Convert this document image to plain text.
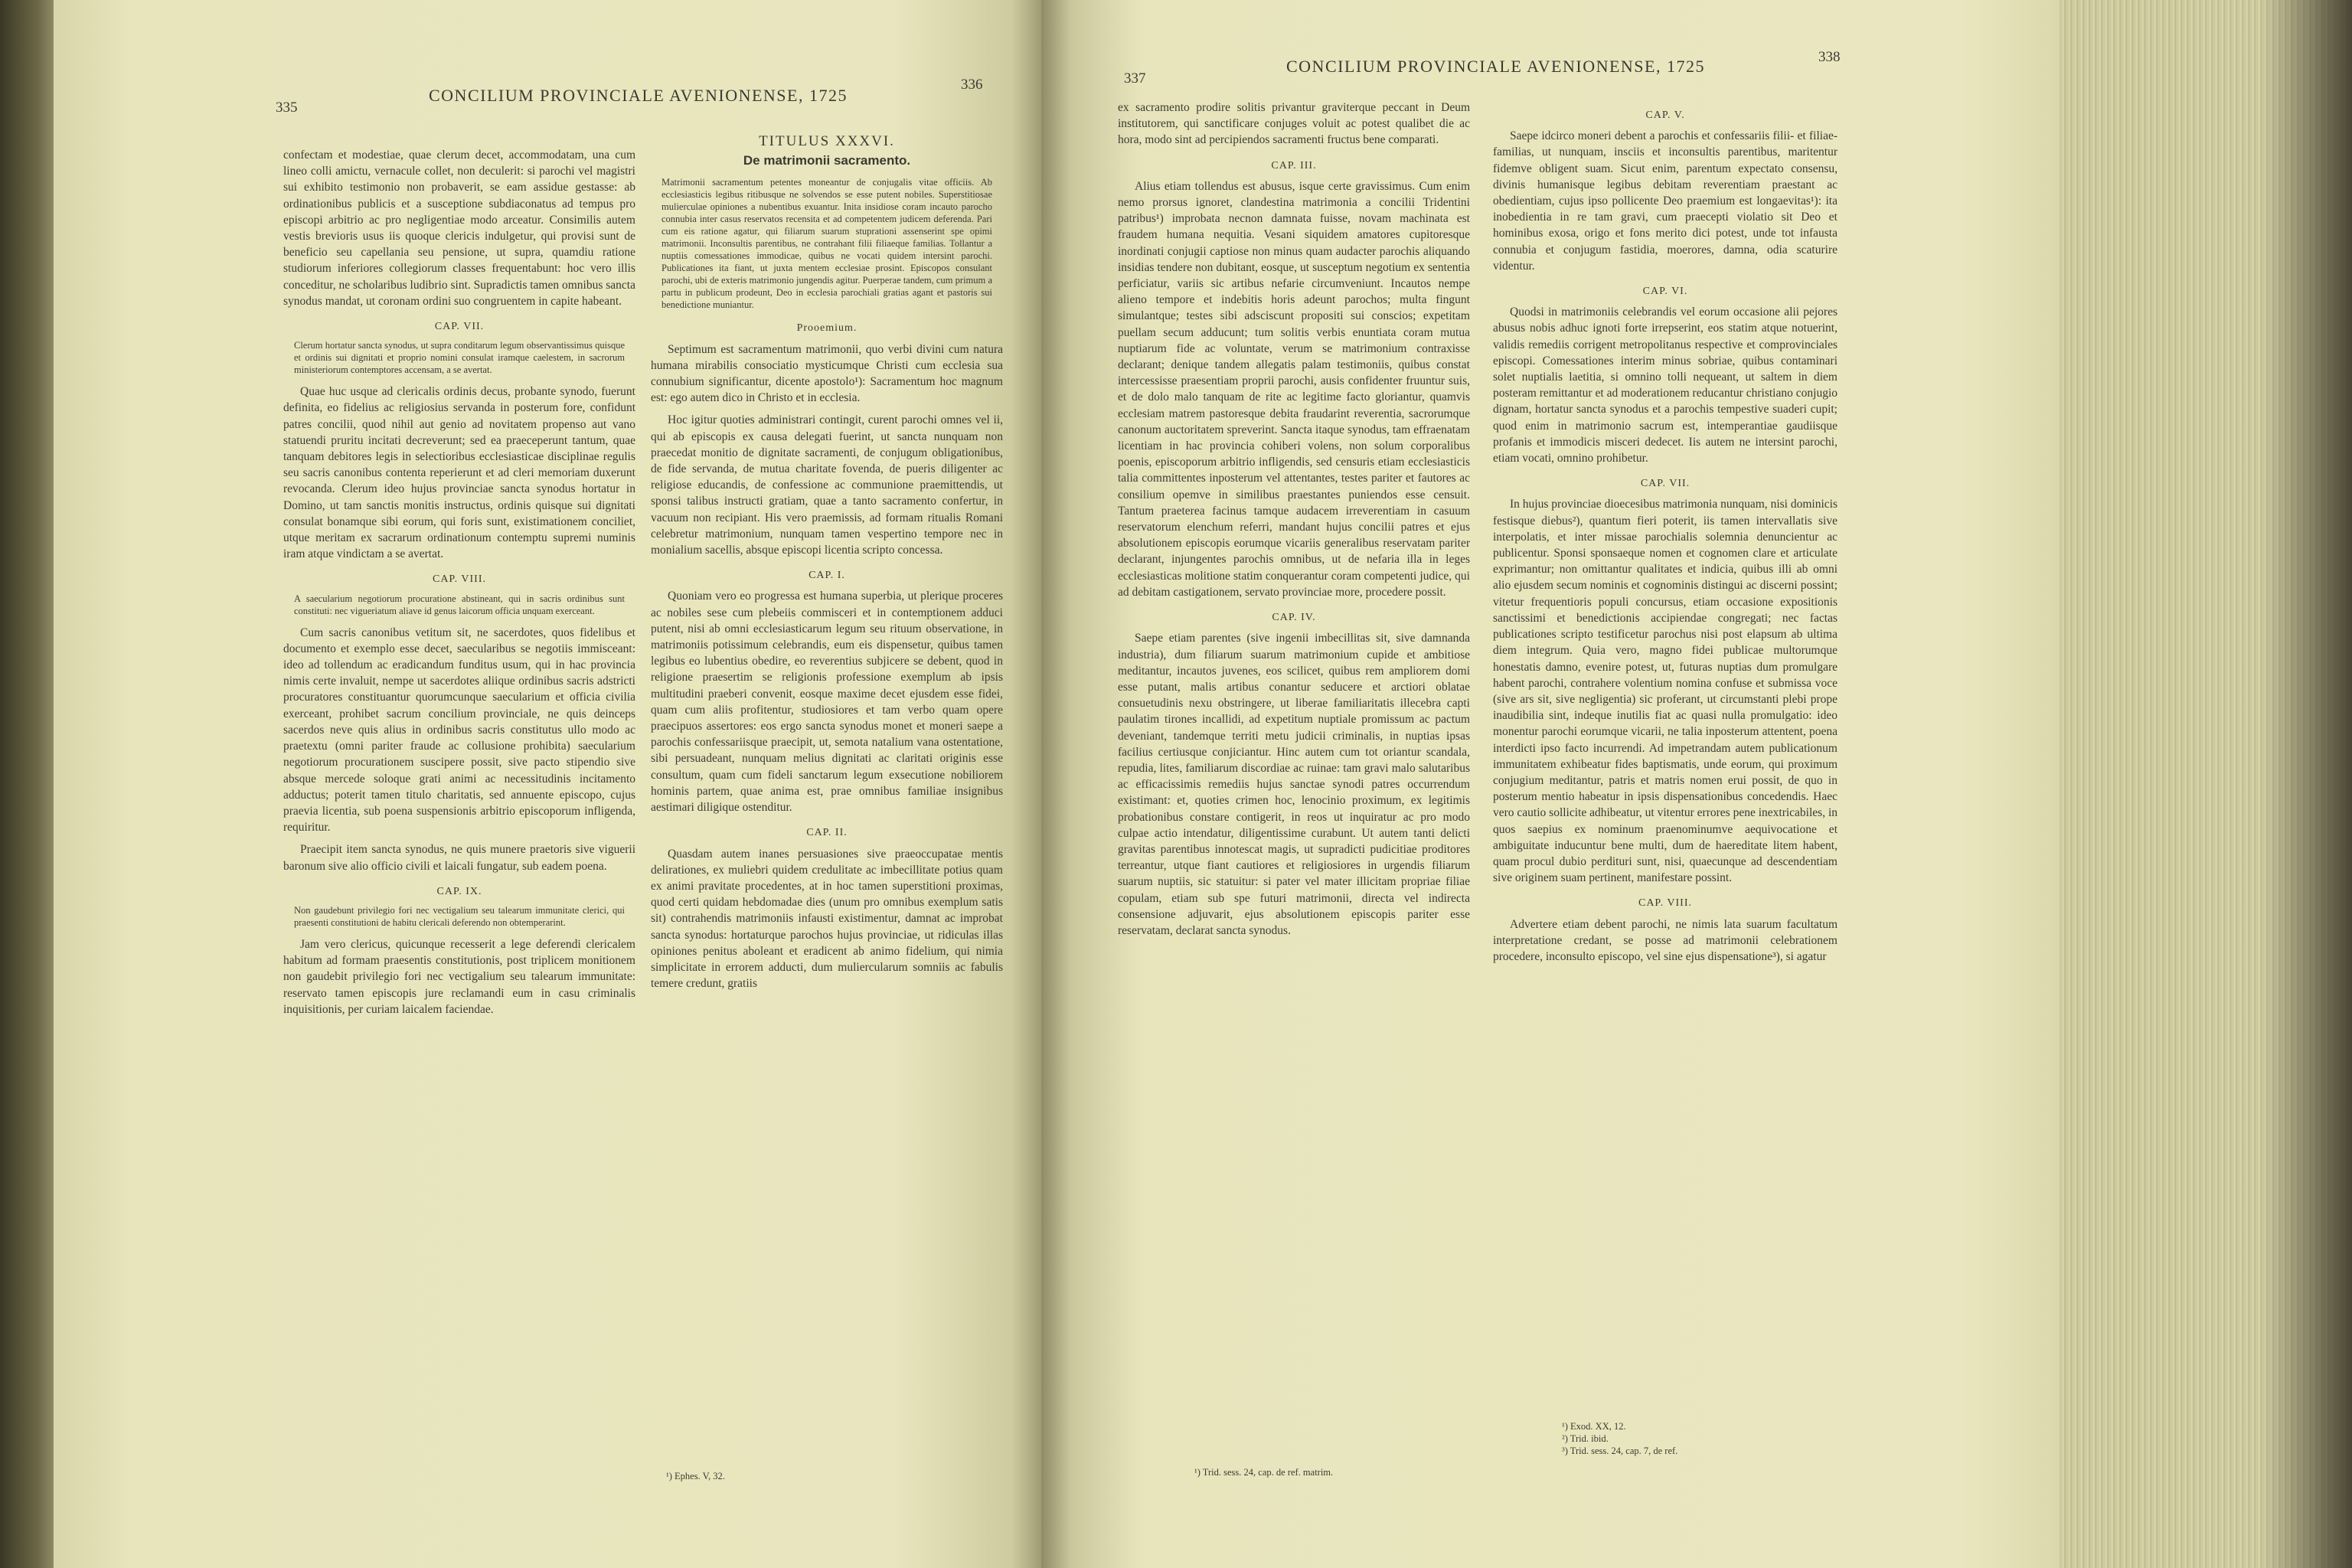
335
CONCILIUM PROVINCIALE AVENIONENSE, 1725
336

confectam et modestiae, quae clerum decet, accommodatam, una cum lineo colli amictu, vernacule collet, non deculerit: si parochi vel magistri sui exhibito testimonio non probaverit, se eam assidue gestasse: ab ordinationibus publicis et a susceptione subdiaconatus ad tempus pro episcopi arbitrio ac pro negligentiae modo arceatur. Consimilis autem vestis brevioris usus iis quoque clericis indulgetur, qui provisi sunt de beneficio seu capellania seu pensione, ut supra, quamdiu ratione studiorum inferiores collegiorum classes frequentabunt: hoc vero illis conceditur, ne scholaribus ludibrio sint. Supradictis tamen omnibus sancta synodus mandat, ut coronam ordini suo congruentem in capite habeant.

CAP. VII.
Clerum hortatur sancta synodus, ut supra conditarum legum observantissimus quisque et ordinis sui dignitati et proprio nomini consulat iramque caelestem, in sacrorum ministeriorum contemptores accensam, a se avertat.

Quae huc usque ad clericalis ordinis decus, probante synodo, fuerunt definita, eo fidelius ac religiosius servanda in posterum fore, confidunt patres concilii, quod nihil aut genio ad novitatem propenso aut vano statuendi pruritu incitati decreverunt; sed ea praeceperunt tantum, quae tanquam debitores legis in selectioribus ecclesiasticae disciplinae regulis seu sacris canonibus contenta reperierunt et ad cleri memoriam duxerunt revocanda. Clerum ideo hujus provinciae sancta synodus hortatur in Domino, ut tam sanctis monitis instructus, ordinis quisque sui dignitati consulat bonamque sibi eorum, qui foris sunt, existimationem conciliet, utque meritam ex sacrarum ordinationum contemptu supremi numinis iram atque vindictam a se avertat.

CAP. VIII.
A saecularium negotiorum procuratione abstineant, qui in sacris ordinibus sunt constituti: nec vigueriatum aliave id genus laicorum officia unquam exerceant.

Cum sacris canonibus vetitum sit, ne sacerdotes, quos fidelibus et documento et exemplo esse decet, saecularibus se negotiis immisceant: ideo ad tollendum ac eradicandum funditus usum, qui in hac provincia nimis certe invaluit, nempe ut sacerdotes aliique ordinibus sacris adstricti procuratores constituantur quorumcunque saecularium et officia civilia exerceant, prohibet sacrum concilium provinciale, ne quis deinceps sacerdos neve quis alius in ordinibus sacris constitutus ullo modo ac praetextu (omni pariter fraude ac collusione prohibita) saecularium negotiorum procurationem suscipere possit, sive pacto stipendio sive absque mercede soloque grati animi ac necessitudinis incitamento adductus; poterit tamen titulo charitatis, sed annuente episcopo, cujus praevia licentia, sub poena suspensionis arbitrio episcoporum infligenda, requiritur.

Praecipit item sancta synodus, ne quis munere praetoris sive viguerii baronum sive alio officio civili et laicali fungatur, sub eadem poena.

CAP. IX.
Non gaudebunt privilegio fori nec vectigalium seu talearum immunitate clerici, qui praesenti constitutioni de habitu clericali deferendo non obtemperarint.

Jam vero clericus, quicunque recesserit a lege deferendi clericalem habitum ad formam praesentis constitutionis, post triplicem monitionem non gaudebit privilegio fori nec vectigalium seu talearum immunitate: reservato tamen episcopis jure reclamandi eum in casu criminalis inquisitionis, per curiam laicalem faciendae.

TITULUS XXXVI.
De matrimonii sacramento.
Matrimonii sacramentum petentes moneantur de conjugalis vitae officiis. Ab ecclesiasticis legibus ritibusque ne solvendos se esse putent nobiles. Superstitiosae mulierculae opiniones a nubentibus exuantur. Inita insidiose coram incauto parocho connubia inter casus reservatos recensita et ad competentem judicem deferenda. Pari cum eis ratione agatur, qui filiarum suarum stuprationi assenserint spe opimi matrimonii. Inconsultis parentibus, ne contrahant filii filiaeque familias. Tollantur a nuptiis comessationes immodicae, quibus ne vocati quidem intersint parochi. Publicationes ita fiant, ut juxta mentem ecclesiae prosint. Episcopos consulant parochi, ubi de exteris matrimonio jungendis agitur. Puerperae tandem, cum primum a partu in publicum prodeunt, Deo in ecclesia parochiali gratias agant et pastoris sui benedictione muniantur.
Prooemium.

Septimum est sacramentum matrimonii, quo verbi divini cum natura humana mirabilis consociatio mysticumque Christi cum ecclesia sua connubium significantur, dicente apostolo¹): Sacramentum hoc magnum est: ego autem dico in Christo et in ecclesia.

Hoc igitur quoties administrari contingit, curent parochi omnes vel ii, qui ab episcopis ex causa delegati fuerint, ut sancta nunquam non praecedat monitio de dignitate sacramenti, de conjugum obligationibus, de fide servanda, de mutua charitate fovenda, de pueris diligenter ac religiose educandis, de confessione ac communione praemittendis, ut sponsi talibus instructi gratiam, quae a tanto sacramento confertur, in vacuum non recipiant. His vero praemissis, ad formam ritualis Romani celebretur matrimonium, nunquam tamen vespertino tempore nec in monialium sacellis, absque episcopi licentia scripto concessa.

CAP. I.

Quoniam vero eo progressa est humana superbia, ut plerique proceres ac nobiles sese cum plebeiis commisceri et in contemptionem adduci putent, nisi ab omni ecclesiasticarum legum seu rituum observatione, in matrimoniis potissimum celebrandis, eum eis dispensetur, quibus tamen legibus eo lubentius obedire, eo reverentius subjicere se debent, quod in religione praesertim se religionis professione exemplum ab ipsis multitudini praeberi convenit, eosque maxime decet ejusdem esse fidei, quam cum aliis profitentur, studiosiores et tam verbo quam opere praecipuos assertores: eos ergo sancta synodus monet et moneri saepe a parochis confessariisque praecipit, ut, semota natalium vana ostentatione, sibi persuadeant, nunquam melius dignitati ac claritati originis esse consultum, quam cum fideli sanctarum legum exsecutione nobiliorem hominis partem, quae anima est, prae omnibus familiae insignibus aestimari diligique ostenditur.

CAP. II.

Quasdam autem inanes persuasiones sive praeoccupatae mentis delirationes, ex muliebri quidem credulitate ac imbecillitate potius quam ex animi pravitate procedentes, at in hoc tamen superstitioni proximas, quod certi quidam hebdomadae dies (unum pro omnibus exemplum satis sit) contrahendis matrimoniis infausti existimentur, damnat ac improbat sancta synodus: hortaturque parochos hujus provinciae, ut ridiculas illas opiniones penitus aboleant et eradicent ab animo fidelium, qui nimia simplicitate in errorem adducti, dum muliercularum somniis ac fabulis temere credunt, gratiis

¹) Ephes. V, 32.
337
CONCILIUM PROVINCIALE AVENIONENSE, 1725	338

ex sacramento prodire solitis privantur graviterque peccant in Deum institutorem, qui sanctificare conjuges voluit ac potest qualibet die ac hora, modo sint ad percipiendos sacramenti fructus bene comparati.

CAP. III.

Alius etiam tollendus est abusus, isque certe gravissimus. Cum enim nemo prorsus ignoret, clandestina matrimonia a concilii Tridentini patribus¹) improbata necnon damnata fuisse, novam machinata est fraudem humana nequitia. Vesani siquidem amatores cupitoresque inordinati conjugii captiose non minus quam audacter parochis aliquando insidias tendere non dubitant, eosque, ut susceptum negotium ex sententia perficiatur, variis sic artibus nefarie circumveniunt. Incautos nempe alieno tempore et indebitis horis adeunt parochos; multa fingunt simulantque; testes sibi adsciscunt propositi sui conscios; expetitam puellam secum adducunt; tum solitis verbis enuntiata coram mutua nuptiarum fide ac voluntate, verum se matrimonium contraxisse declarant; denique tandem allegatis palam testimoniis, quibus constat intercessisse praesentiam proprii parochi, ausis confidenter fruuntur suis, et de dolo malo tanquam de rite ac legitime facto gloriantur, quamvis ecclesiam matrem pastoresque debita fraudarint reverentia, sacrorumque canonum auctoritatem spreverint. Sancta itaque synodus, tam effraenatam licentiam in hac provincia cohiberi volens, non solum corporalibus poenis, episcoporum arbitrio infligendis, sed censuris etiam ecclesiasticis talia committentes inposterum vel attentantes, testes pariter et fautores ac consilium opemve in similibus praestantes puniendos esse censuit. Tantum praeterea facinus tamque audacem irreverentiam in casuum reservatorum elenchum referri, mandant hujus concilii patres et ejus absolutionem episcopis eorumque vicariis generalibus reservatam pariter declarant, injungentes parochis omnibus, ut de nefaria illa in leges ecclesiasticas molitione statim conquerantur coram competenti judice, qui ad debitam castigationem, servato provinciae more, procedere possit.

CAP. IV.

Saepe etiam parentes (sive ingenii imbecillitas sit, sive damnanda industria), dum filiarum suarum matrimonium cupide et ambitiose meditantur, incautos juvenes, eos scilicet, quibus rem ampliorem domi esse putant, malis artibus conantur seducere et arctiori oblatae consuetudinis nexu obstringere, ut liberae familiaritatis illecebra capti paulatim tirones incallidi, ad expetitum nuptiale promissum ac pactum deveniant, tandemque territi metu judicii criminalis, in nuptias ipsas facilius certiusque conjiciantur. Hinc autem cum tot oriantur scandala, repudia, lites, familiarum discordiae ac ruinae: tam gravi malo salutaribus ac efficacissimis remediis hujus sanctae synodi patres occurrendum existimant: et, quoties crimen hoc, lenocinio proximum, ex legitimis probationibus constare contigerit, in reos ut inquiratur ac pro modo culpae actio intendatur, diligentissime curabunt. Ut autem tanti delicti gravitas parentibus innotescat magis, ut supradicti pudicitiae proditores terreantur, utque fiant cautiores et religiosiores in urgendis filiarum suarum nuptiis, sic statuitur: si pater vel mater illicitam propriae filiae copulam, etiam sub spe futuri matrimonii, directa vel indirecta consensione adjuvarit, ejus absolutionem episcopis pariter esse reservatam, declarat sancta synodus.

¹) Trid. sess. 24, cap. de ref. matrim.
CAP. V.

Saepe idcirco moneri debent a parochis et confessariis filii- et filiae-familias, ut nunquam, insciis et inconsultis parentibus, maritentur fidemve obligent suam. Sicut enim, parentum expectato consensu, divinis humanisque legibus debitam reverentiam praestant ac obedientiam, cujus ipso pollicente Deo praemium est longaevitas¹): ita inobedientia in re tam gravi, cum praecepti violatio sit Deo et hominibus exosa, origo et fons merito dici potest, unde tot infausta connubia et conjugum fastidia, moerores, damna, odia scaturire videntur.

CAP. VI.

Quodsi in matrimoniis celebrandis vel eorum occasione alii pejores abusus nobis adhuc ignoti forte irrepserint, eos statim atque notuerint, validis remediis corrigent metropolitanus respective et comprovinciales episcopi. Comessationes interim minus sobriae, quibus contaminari solet nuptialis laetitia, si omnino tolli nequeant, ut saltem in diem posteram remittantur et ad moderationem reducantur christiano conjugio dignam, hortatur sancta synodus et a parochis tempestive suaderi cupit; quod enim in matrimonio sacrum est, intemperantiae gaudiisque profanis et immodicis misceri dedecet. Iis autem ne intersint parochi, etiam vocati, omnino prohibetur.

CAP. VII.

In hujus provinciae dioecesibus matrimonia nunquam, nisi dominicis festisque diebus²), quantum fieri poterit, iis tamen intervallatis sive interpolatis, et inter missae parochialis solemnia denuncientur ac publicentur. Sponsi sponsaeque nomen et cognomen clare et articulate exprimantur; non omittantur qualitates et indicia, quibus illi ab omni alio ejusdem secum nominis et cognominis distingui ac discerni possint; vitetur frequentioris populi concursus, etiam occasione expositionis sanctissimi et benedictionis accipiendae congregati; nec factas publicationes scripto testificetur parochus nisi post elapsum ab ultima diem integrum. Quia vero, magno fidei publicae multorumque honestatis damno, evenire potest, ut, futuras nuptias dum promulgare habent parochi, contrahere volentium nomina confuse et submissa voce (sive ars sit, sive negligentia) sic proferant, ut circumstanti plebi prope inaudibilia sint, indeque inutilis fiat ac quasi nulla promulgatio: ideo monentur parochi eorumque vicarii, ne talia inposterum attentent, poena interdicti ipso facto incurrendi. Ad impetrandam autem publicationum immunitatem exhibeatur fides baptismatis, unde eorum, qui proximum conjugium meditantur, patris et matris nomen erui possit, de quo in posterum mentio habeatur in ipsis dispensationibus concedendis. Haec vero cautio sollicite adhibeatur, ut vitentur errores pene inextricabiles, in quos saepius ex nominum praenominumve aequivocatione et ambiguitate inducuntur bene multi, dum de haereditate litem habent, quam procul dubio perdituri sunt, nisi, quaecunque ad descendentiam sive originem suam pertinent, manifestare possint.

CAP. VIII.

Advertere etiam debent parochi, ne nimis lata suarum facultatum interpretatione credant, se posse ad matrimonii celebrationem procedere, inconsulto episcopo, vel sine ejus dispensatione³), si agatur

¹) Exod. XX, 12.
²) Trid. ibid.
³) Trid. sess. 24, cap. 7, de ref.
